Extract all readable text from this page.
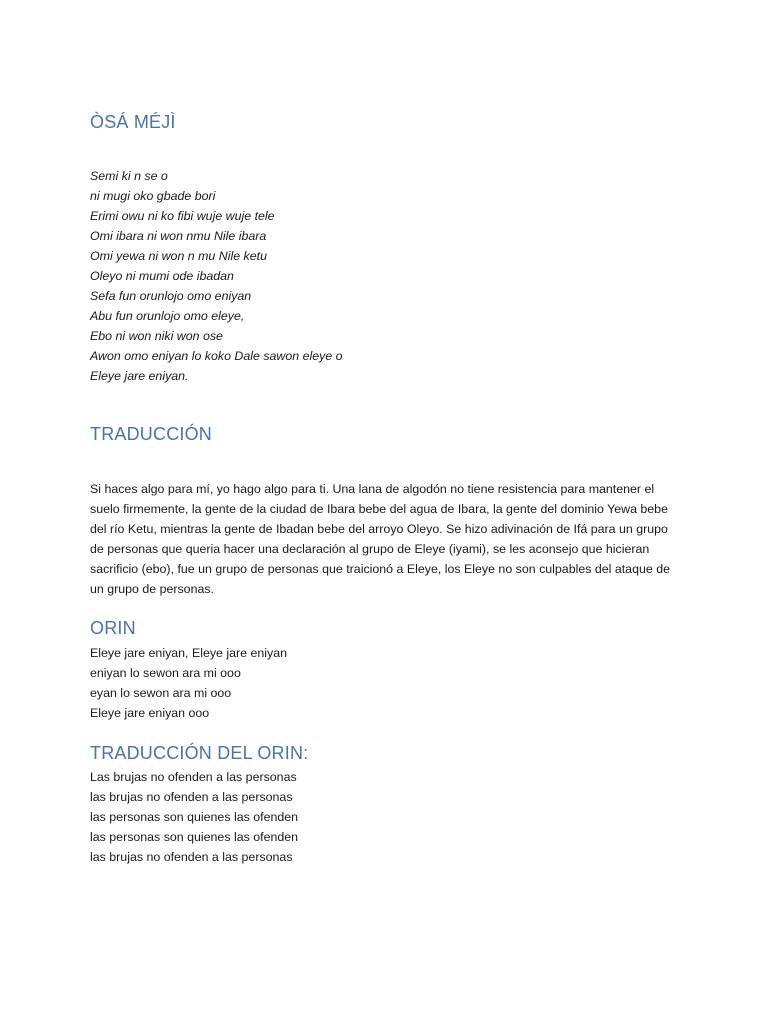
ÒSÁ MÉJÌ
Semi ki n se o
ni mugi oko gbade bori
Erimi owu ni ko fibi wuje wuje tele
Omi ibara ni won nmu Nile ibara
Omi yewa ni won n mu Nile ketu
Oleyo ni mumi ode ibadan
Sefa fun orunlojo omo eniyan
Abu fun orunlojo omo eleye,
Ebo ni won niki won ose
Awon omo eniyan lo koko Dale sawon eleye o
Eleye jare eniyan.
TRADUCCIÓN

Si haces algo para mí, yo hago algo para ti. Una lana de algodón no tiene resistencia para mantener el suelo firmemente, la gente de la ciudad de Ibara bebe del agua de Ibara, la gente del dominio Yewa bebe del río Ketu, mientras la gente de Ibadan bebe del arroyo Oleyo. Se hizo adivinación de Ifá para un grupo de personas que queria hacer una declaración al grupo de Eleye (iyami), se les aconsejo que hicieran sacrificio (ebo), fue un grupo de personas que traicionó a Eleye, los Eleye no son culpables del ataque de un grupo de personas.

ORIN
Eleye jare eniyan, Eleye jare eniyan
eniyan lo sewon ara mi ooo
eyan lo sewon ara mi ooo
Eleye jare eniyan ooo
TRADUCCIÓN DEL ORIN:
Las brujas no ofenden a las personas
las brujas no ofenden a las personas
las personas son quienes las ofenden
las personas son quienes las ofenden
las brujas no ofenden a las personas
